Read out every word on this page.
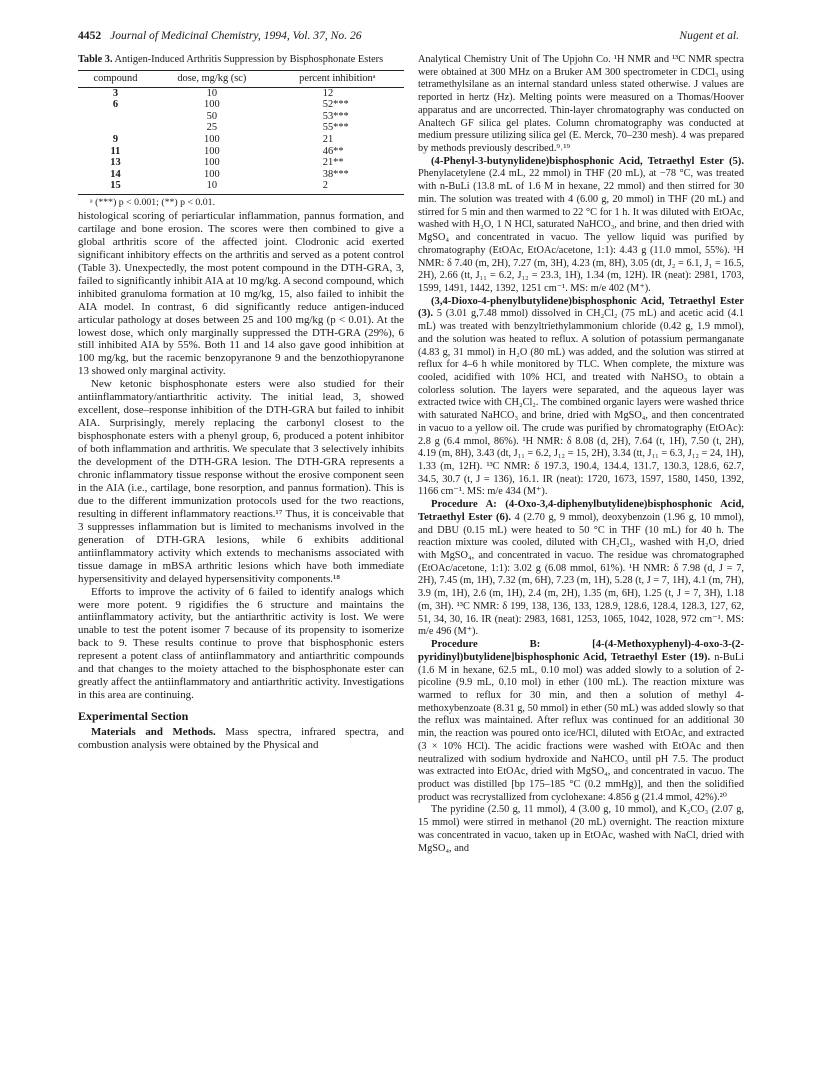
4452 Journal of Medicinal Chemistry, 1994, Vol. 37, No. 26	Nugent et al.
Table 3. Antigen-Induced Arthritis Suppression by Bisphosphonate Esters
compound	dose, mg/kg (sc)	percent inhibitionᵃ
3	10	12
6	100	52***
	50	53***
	25	55***
9	100	21
11	100	46**
13	100	21**
14	100	38***
15	10	2
ᵃ (***) p < 0.001; (**) p < 0.01.

histological scoring of periarticular inflammation, pannus formation, and cartilage and bone erosion. The scores were then combined to give a global arthritis score of the affected joint. Clodronic acid exerted significant inhibitory effects on the arthritis and served as a potent control (Table 3). Unexpectedly, the most potent compound in the DTH-GRA, 3, failed to significantly inhibit AIA at 10 mg/kg. A second compound, which inhibited granuloma formation at 10 mg/kg, 15, also failed to inhibit the AIA model. In contrast, 6 did significantly reduce antigen-induced articular pathology at doses between 25 and 100 mg/kg (p < 0.01). At the lowest dose, which only marginally suppressed the DTH-GRA (29%), 6 still inhibited AIA by 55%. Both 11 and 14 also gave good inhibition at 100 mg/kg, but the racemic benzopyranone 9 and the benzothiopyranone 13 showed only marginal activity.

New ketonic bisphosphonate esters were also studied for their antiinflammatory/antiarthritic activity. The initial lead, 3, showed excellent, dose–response inhibition of the DTH-GRA but failed to inhibit AIA. Surprisingly, merely replacing the carbonyl closest to the bisphosphonate esters with a phenyl group, 6, produced a potent inhibitor of both inflammation and arthritis. We speculate that 3 selectively inhibits the development of the DTH-GRA lesion. The DTH-GRA represents a chronic inflammatory tissue response without the erosive component seen in the AIA (i.e., cartilage, bone resorption, and pannus formation). This is due to the different immunization protocols used for the two reactions, resulting in different inflammatory reactions.¹⁷ Thus, it is conceivable that 3 suppresses inflammation but is limited to mechanisms involved in the generation of DTH-GRA lesions, while 6 exhibits additional antiinflammatory activity which extends to mechanisms associated with tissue damage in mBSA arthritic lesions which have both immediate hypersensitivity and delayed hypersensitivity components.¹⁸

Efforts to improve the activity of 6 failed to identify analogs which were more potent. 9 rigidifies the 6 structure and maintains the antiinflammatory activity, but the antiarthritic activity is lost. We were unable to test the potent isomer 7 because of its propensity to isomerize back to 9. These results continue to prove that bisphosphonic esters represent a potent class of antiinflammatory and antiarthritic compounds and that changes to the moiety attached to the bisphosphonate ester can greatly affect the antiinflammatory and antiarthritic activity. Investigations in this area are continuing.

Experimental Section

Materials and Methods. Mass spectra, infrared spectra, and combustion analysis were obtained by the Physical and

Analytical Chemistry Unit of The Upjohn Co. ¹H NMR and ¹³C NMR spectra were obtained at 300 MHz on a Bruker AM 300 spectrometer in CDCl₃ using tetramethylsilane as an internal standard unless stated otherwise. J values are reported in hertz (Hz). Melting points were measured on a Thomas/Hoover apparatus and are uncorrected. Thin-layer chromatography was conducted on Analtech GF silica gel plates. Column chromatography was conducted at medium pressure utilizing silica gel (E. Merck, 70–230 mesh). 4 was prepared by methods previously described.⁹˒¹⁹

(4-Phenyl-3-butynylidene)bisphosphonic Acid, Tetraethyl Ester (5). Phenylacetylene (2.4 mL, 22 mmol) in THF (20 mL), at −78 °C, was treated with n-BuLi (13.8 mL of 1.6 M in hexane, 22 mmol) and then stirred for 30 min. The solution was treated with 4 (6.00 g, 20 mmol) in THF (20 mL) and stirred for 5 min and then warmed to 22 °C for 1 h. It was diluted with EtOAc, washed with H₂O, 1 N HCl, saturated NaHCO₃, and brine, and then dried with MgSO₄ and concentrated in vacuo. The yellow liquid was purified by chromatography (EtOAc, EtOAc/acetone, 1:1): 4.43 g (11.0 mmol, 55%). ¹H NMR: δ 7.40 (m, 2H), 7.27 (m, 3H), 4.23 (m, 8H), 3.05 (dt, J₂ = 6.1, J₁ = 16.5, 2H), 2.66 (tt, J₁₁ = 6.2, J₁₂ = 23.3, 1H), 1.34 (m, 12H). IR (neat): 2981, 1703, 1599, 1491, 1442, 1392, 1251 cm⁻¹. MS: m/e 402 (M⁺).

(3,4-Dioxo-4-phenylbutylidene)bisphosphonic Acid, Tetraethyl Ester (3). 5 (3.01 g,7.48 mmol) dissolved in CH₂Cl₂ (75 mL) and acetic acid (4.1 mL) was treated with benzyltriethylammonium chloride (0.42 g, 1.9 mmol), and the solution was heated to reflux. A solution of potassium permanganate (4.83 g, 31 mmol) in H₂O (80 mL) was added, and the solution was stirred at reflux for 4–6 h while monitored by TLC. When complete, the mixture was cooled, acidified with 10% HCl, and treated with NaHSO₃ to obtain a colorless solution. The layers were separated, and the aqueous layer was extracted twice with CH₂Cl₂. The combined organic layers were washed thrice with saturated NaHCO₃ and brine, dried with MgSO₄, and then concentrated in vacuo to a yellow oil. The crude was purified by chromatography (EtOAc): 2.8 g (6.4 mmol, 86%). ¹H NMR: δ 8.08 (d, 2H), 7.64 (t, 1H), 7.50 (t, 2H), 4.19 (m, 8H), 3.43 (dt, J₁₁ = 6.2, J₁₂ = 15, 2H), 3.34 (tt, J₁₁ = 6.3, J₁₂ = 24, 1H), 1.33 (m, 12H). ¹³C NMR: δ 197.3, 190.4, 134.4, 131.7, 130.3, 128.6, 62.7, 34.5, 30.7 (t, J = 136), 16.1. IR (neat): 1720, 1673, 1597, 1580, 1450, 1392, 1166 cm⁻¹. MS: m/e 434 (M⁺).

Procedure A: (4-Oxo-3,4-diphenylbutylidene)bisphosphonic Acid, Tetraethyl Ester (6). 4 (2.70 g, 9 mmol), deoxybenzoin (1.96 g, 10 mmol), and DBU (0.15 mL) were heated to 50 °C in THF (10 mL) for 40 h. The reaction mixture was cooled, diluted with CH₂Cl₂, washed with H₂O, dried with MgSO₄, and concentrated in vacuo. The residue was chromatographed (EtOAc/acetone, 1:1): 3.02 g (6.08 mmol, 61%). ¹H NMR: δ 7.98 (d, J = 7, 2H), 7.45 (m, 1H), 7.32 (m, 6H), 7.23 (m, 1H), 5.28 (t, J = 7, 1H), 4.1 (m, 7H), 3.9 (m, 1H), 2.6 (m, 1H), 2.4 (m, 2H), 1.35 (m, 6H), 1.25 (t, J = 7, 3H), 1.18 (m, 3H). ¹³C NMR: δ 199, 138, 136, 133, 128.9, 128.6, 128.4, 128.3, 127, 62, 51, 34, 30, 16. IR (neat): 2983, 1681, 1253, 1065, 1042, 1028, 972 cm⁻¹. MS: m/e 496 (M⁺).

Procedure B: [4-(4-Methoxyphenyl)-4-oxo-3-(2-pyridinyl)butylidene]bisphosphonic Acid, Tetraethyl Ester (19). n-BuLi (1.6 M in hexane, 62.5 mL, 0.10 mol) was added slowly to a solution of 2-picoline (9.9 mL, 0.10 mol) in ether (100 mL). The reaction mixture was warmed to reflux for 30 min, and then a solution of methyl 4-methoxybenzoate (8.31 g, 50 mmol) in ether (50 mL) was added slowly so that the reflux was maintained. After reflux was continued for an additional 30 min, the reaction was poured onto ice/HCl, diluted with EtOAc, and extracted (3 × 10% HCl). The acidic fractions were washed with EtOAc and then neutralized with sodium hydroxide and NaHCO₃ until pH 7.5. The product was extracted into EtOAc, dried with MgSO₄, and concentrated in vacuo. The product was distilled [bp 175–185 °C (0.2 mmHg)], and then the solidified product was recrystallized from cyclohexane: 4.856 g (21.4 mmol, 42%).²⁰

The pyridine (2.50 g, 11 mmol), 4 (3.00 g, 10 mmol), and K₂CO₃ (2.07 g, 15 mmol) were stirred in methanol (20 mL) overnight. The reaction mixture was concentrated in vacuo, taken up in EtOAc, washed with NaCl, dried with MgSO₄, and
